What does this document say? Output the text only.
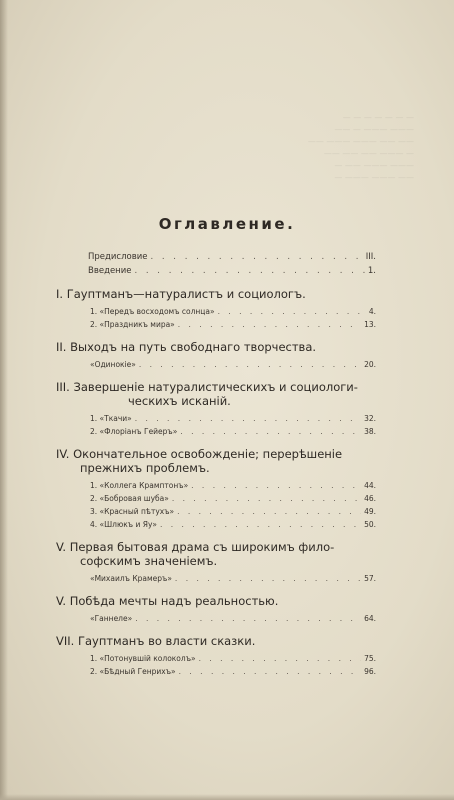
— — — — — — —
——— ——— — ——
—— —— ——— ——— ——
— ——— —— —— ——
——— ——— —— —
—— ——— ——— —
Оглавление.
Предисловие . . .	III.
Введение . . .	1.
I. Гауптманъ—натуралистъ и социологъ.
1. «Передъ восходомъ солнца» . . .	4.
2. «Праздникъ мира» . . .	13.
II. Выходъ на путь свободнаго творчества.
«Одинокіе» . . .	20.
III. Завершеніе натуралистическихъ и социологи-
ческихъ исканій.
1. «Ткачи» . . .	32.
2. «Флоріанъ Гейеръ» . . .	38.
IV. Окончательное освобожденіе; перерѣшеніе
прежнихъ проблемъ.
1. «Коллега Крамптонъ» . . .	44.
2. «Бобровая шуба» . . .	46.
3. «Красный пѣтухъ» . . .	49.
4. «Шлюкъ и Яу» . . .	50.
V. Первая бытовая драма съ широкимъ фило-
софскимъ значеніемъ.
«Михаилъ Крамеръ» . . .	57.
V. Побѣда мечты надъ реальностью.
«Ганнеле» . . .	64.
VII. Гауптманъ во власти сказки.
1. «Потонувшій колоколъ» . . .	75.
2. «Бѣдный Генрихъ» . . .	96.
